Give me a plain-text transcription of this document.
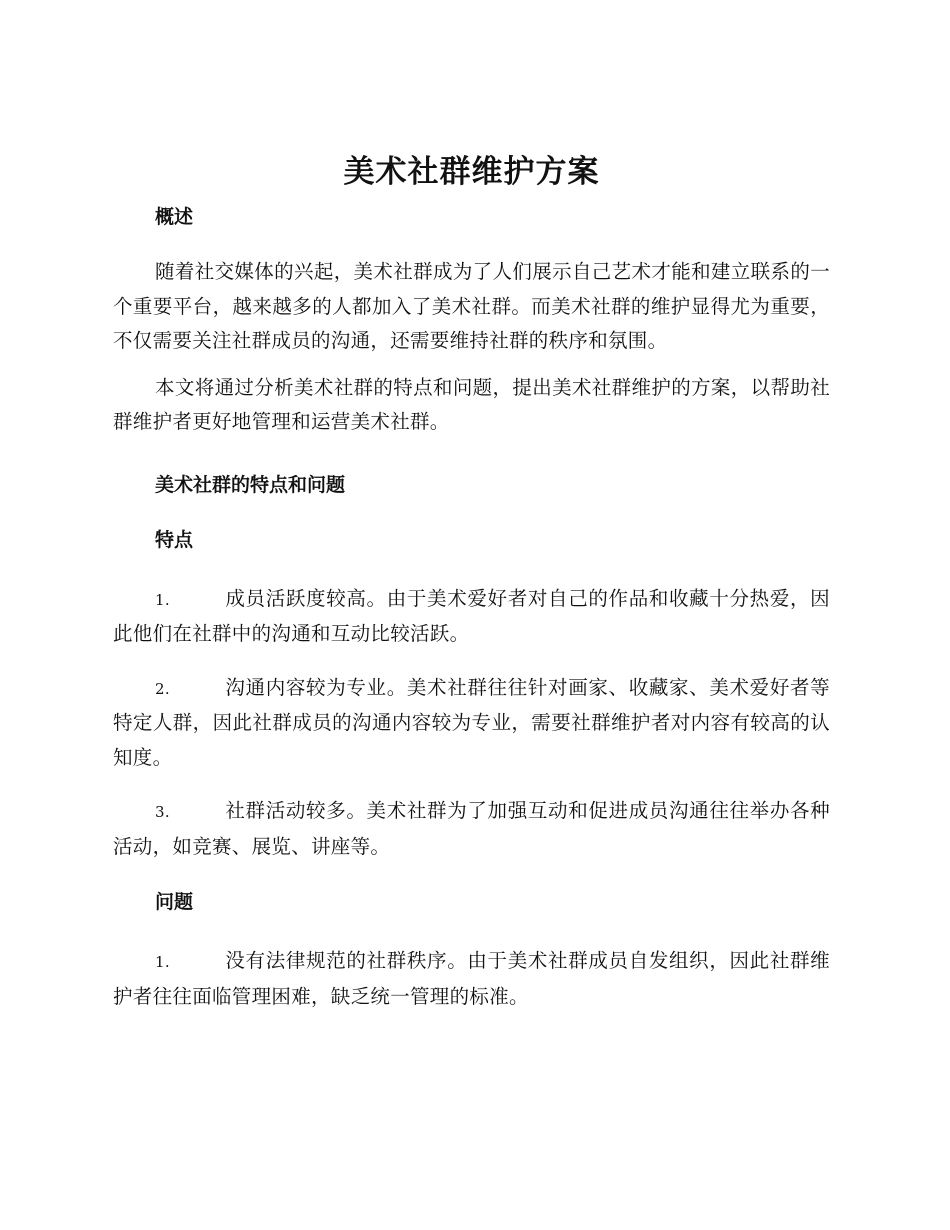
美术社群维护方案
概述

随着社交媒体的兴起，美术社群成为了人们展示自己艺术才能和建立联系的一个重要平台，越来越多的人都加入了美术社群。而美术社群的维护显得尤为重要，不仅需要关注社群成员的沟通，还需要维持社群的秩序和氛围。

本文将通过分析美术社群的特点和问题，提出美术社群维护的方案，以帮助社群维护者更好地管理和运营美术社群。

美术社群的特点和问题
特点

1.	成员活跃度较高。由于美术爱好者对自己的作品和收藏十分热爱，因此他们在社群中的沟通和互动比较活跃。

2.	沟通内容较为专业。美术社群往往针对画家、收藏家、美术爱好者等特定人群，因此社群成员的沟通内容较为专业，需要社群维护者对内容有较高的认知度。

3.	社群活动较多。美术社群为了加强互动和促进成员沟通往往举办各种活动，如竞赛、展览、讲座等。

问题

1.	没有法律规范的社群秩序。由于美术社群成员自发组织，因此社群维护者往往面临管理困难，缺乏统一管理的标准。
